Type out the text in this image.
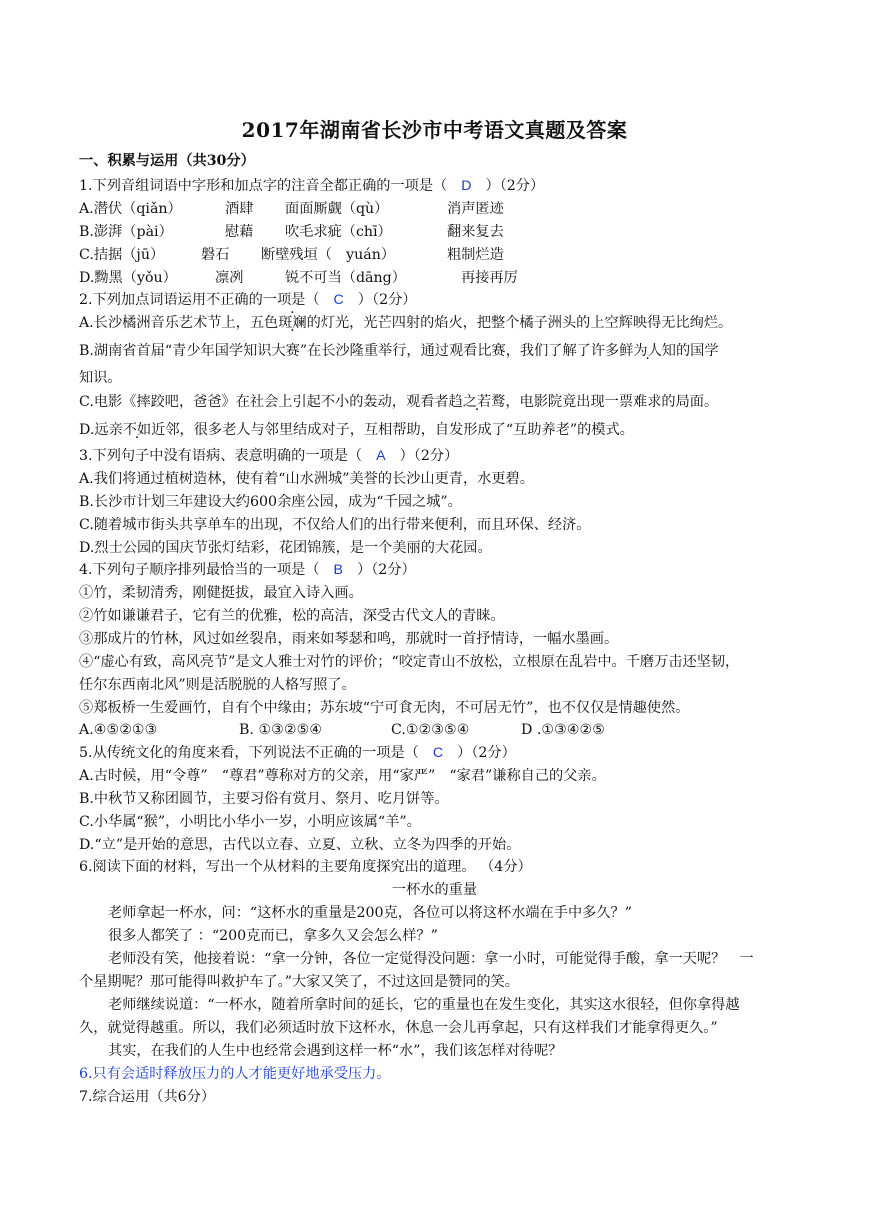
2017年湖南省长沙市中考语文真题及答案
一、积累与运用（共30分）
1.下列音组词语中字形和加点字的注音全都正确的一项是（ D ）（2分）
A.潜伏（qiǎn）	酒肆 面面厮觑（qù）	消声匿迹
B.澎湃（pài）	慰藉 吹毛求疵（chī）	翻来复去
C.拮据（jū）	磐石 断壁残垣（　yuán）	粗制烂造
D.黝黑（yǒu）	凛冽	锐不可当（dāng）	再接再厉
2.下列加点词语运用不正确的一项是（ C ）（2分）
A.长沙橘洲音乐艺术节上，五色斑斓的灯光，光芒四射的焰火，把整个橘子洲头的上空辉映得无比绚烂。
B.湖南省首届“青少年国学知识大赛”在长沙隆重举行，通过观看比赛，我们了解了许多鲜为人知的国学
知识。
C.电影《摔跤吧，爸爸》在社会上引起不小的轰动，观看者趋之若鹜，电影院竟出现一票难求的局面。
D.远亲不如近邻 ·，很多老人与邻里结成对子，互相帮助，自发形成了“互助养老”的模式。
3.下列句子中没有语病、表意明确的一项是（ A ）（2分）
A.我们将通过植树造林，使有着“山水洲城”美誉的长沙山更青，水更碧。
B.长沙市计划三年建设大约600余座公园，成为“千园之城”。
C.随着城市街头共享单车的出现，不仅给人们的出行带来便利，而且环保、经济。
D.烈士公园的国庆节张灯结彩，花团锦簇，是一个美丽的大花园。
4.下列句子顺序排列最恰当的一项是（ B ）（2分）
①竹，柔韧清秀，刚健挺拔，最宜入诗入画。
②竹如谦谦君子，它有兰的优雅，松的高洁，深受古代文人的青睐。
③那成片的竹林，风过如丝裂帛，雨来如琴瑟和鸣，那就时一首抒情诗，一幅水墨画。
④“虚心有致，高风亮节”是文人雅士对竹的评价；“咬定青山不放松，立根原在乱岩中。千磨万击还坚韧，
任尔东西南北风”则是活脱脱的人格写照了。
⑤郑板桥一生爱画竹，自有个中缘由；苏东坡“宁可食无肉，不可居无竹”，也不仅仅是情趣使然。
A.④⑤②①③	B. ①③②⑤④	C.①②③⑤④	D .①③④②⑤
5.从传统文化的角度来看，下列说法不正确的一项是（ C ）（2分）
A.古时候，用“令尊”　“尊君”尊称对方的父亲，用“家严”　“家君”谦称自己的父亲。
B.中秋节又称团圆节，主要习俗有赏月、祭月、吃月饼等。
C.小华属“猴”，小明比小华小一岁，小明应该属“羊”。
D.“立”是开始的意思，古代以立春、立夏、立秋、立冬为四季的开始。
6.阅读下面的材料，写出一个从材料的主要角度探究出的道理。 （4分）
一杯水的重量
老师拿起一杯水，问：“这杯水的重量是200克，各位可以将这杯水端在手中多久？”
很多人都笑了 ：“200克而已，拿多久又会怎么样？”
老师没有笑，他接着说：“拿一分钟，各位一定觉得没问题：拿一小时，可能觉得手酸，拿一天呢？　一
个星期呢？那可能得叫救护车了。”大家又笑了，不过这回是赞同的笑。
老师继续说道：“一杯水，随着所拿时间的延长，它的重量也在发生变化，其实这水很轻，但你拿得越
久，就觉得越重。所以，我们必须适时放下这杯水，休息一会儿再拿起，只有这样我们才能拿得更久。”
其实，在我们的人生中也经常会遇到这样一杯“水”，我们该怎样对待呢？
6.只有会适时释放压力的人才能更好地承受压力。
7.综合运用（共6分）
